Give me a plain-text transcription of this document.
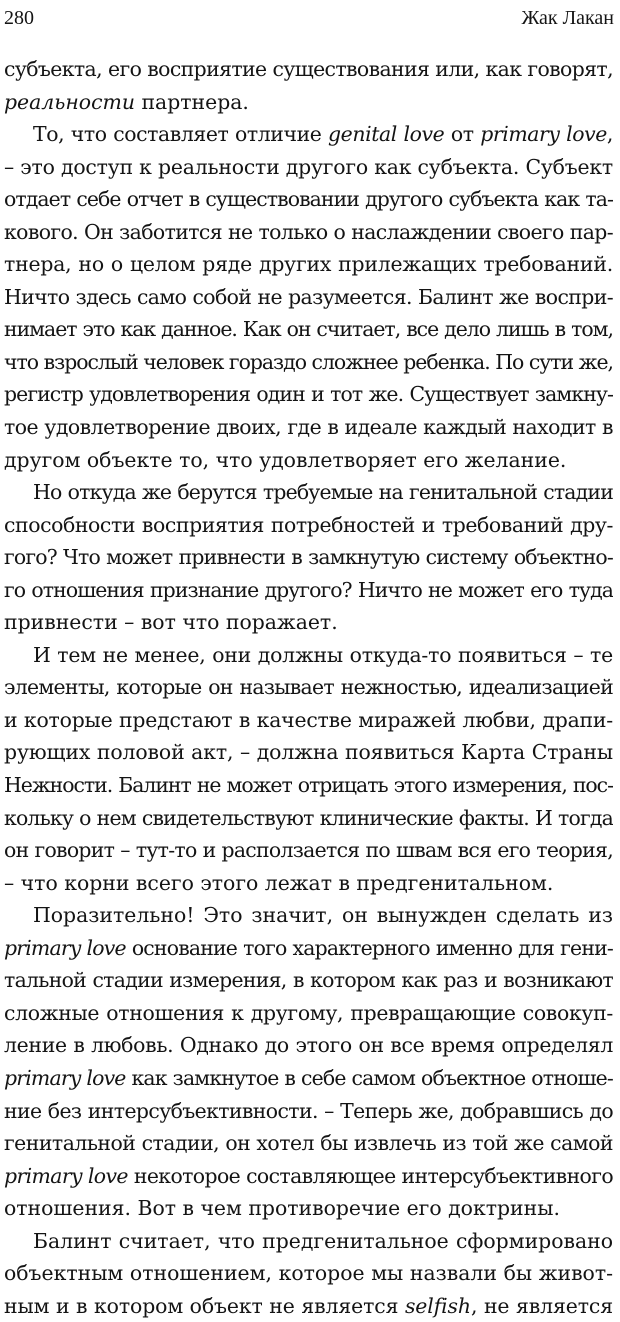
280	Жак Лакан
субъекта, его восприятие существования или, как говорят,
реальности партнера.
То, что составляет отличие genital love от primary love,
– это доступ к реальности другого как субъекта. Субъект
отдает себе отчет в существовании другого субъекта как та-
кового. Он заботится не только о наслаждении своего пар-
тнера, но о целом ряде других прилежащих требований.
Ничто здесь само собой не разумеется. Балинт же воспри-
нимает это как данное. Как он считает, все дело лишь в том,
что взрослый человек гораздо сложнее ребенка. По сути же,
регистр удовлетворения один и тот же. Существует замкну-
тое удовлетворение двоих, где в идеале каждый находит в
другом объекте то, что удовлетворяет его желание.
Но откуда же берутся требуемые на генитальной стадии
способности восприятия потребностей и требований дру-
гого? Что может привнести в замкнутую систему объектно-
го отношения признание другого? Ничто не может его туда
привнести – вот что поражает.
И тем не менее, они должны откуда-то появиться – те
элементы, которые он называет нежностью, идеализацией
и которые предстают в качестве миражей любви, драпи-
рующих половой акт, – должна появиться Карта Страны
Нежности. Балинт не может отрицать этого измерения, пос-
кольку о нем свидетельствуют клинические факты. И тогда
он говорит – тут-то и расползается по швам вся его теория,
– что корни всего этого лежат в предгенитальном.
Поразительно! Это значит, он вынужден сделать из
primary love основание того характерного именно для гени-
тальной стадии измерения, в котором как раз и возникают
сложные отношения к другому, превращающие совокуп-
ление в любовь. Однако до этого он все время определял
primary love как замкнутое в себе самом объектное отноше-
ние без интерсубъективности. – Теперь же, добравшись до
генитальной стадии, он хотел бы извлечь из той же самой
primary love некоторое составляющее интерсубъективного
отношения. Вот в чем противоречие его доктрины.
Балинт считает, что предгенитальное сформировано
объектным отношением, которое мы назвали бы живот-
ным и в котором объект не является selfish, не является
